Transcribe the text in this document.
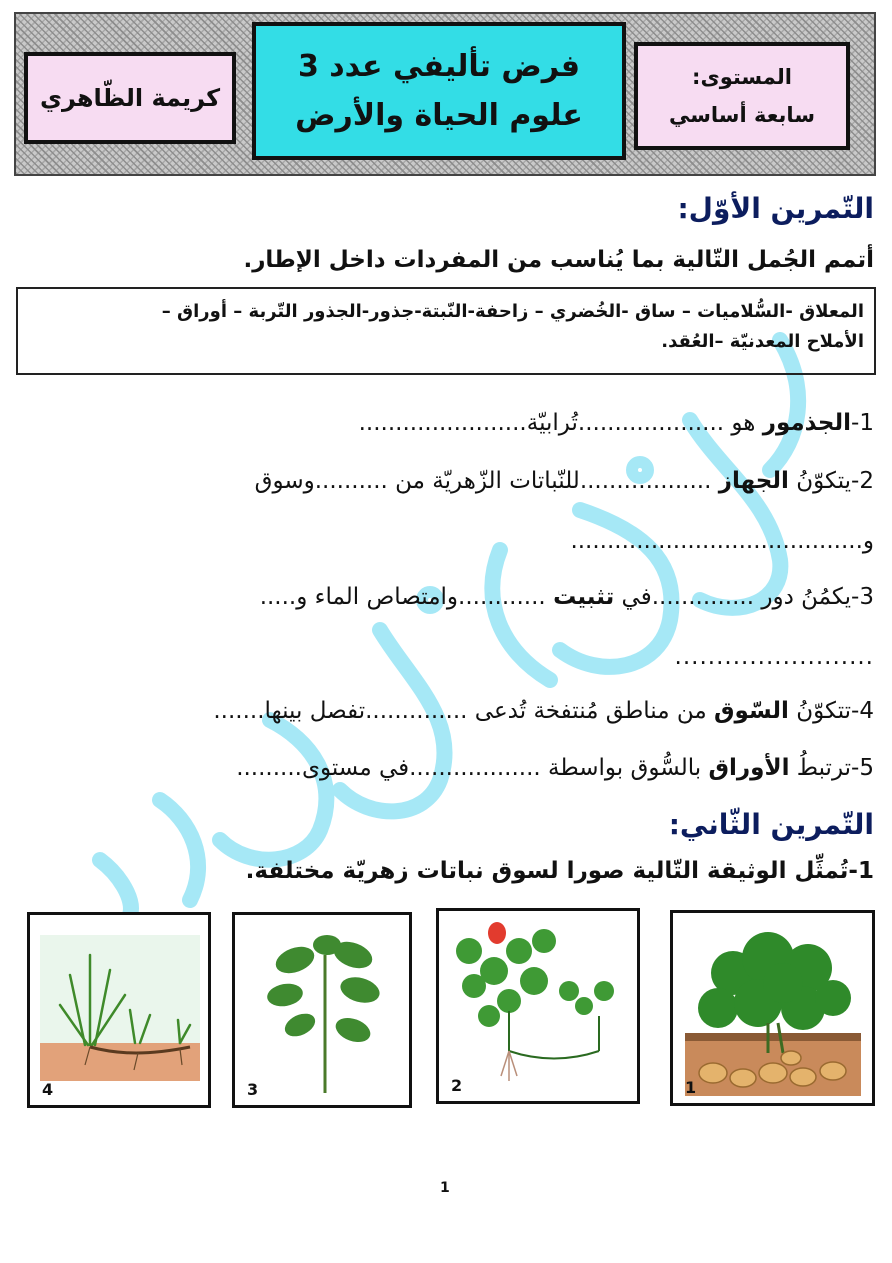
المستوى:
سابعة أساسي
فرض تأليفي عدد 3
علوم الحياة والأرض
كريمة الظّاهري
التّمرين الأوّل:
أتمم الجُمل التّالية بما يُناسب من المفردات داخل الإطار.
المعلاق -السُّلاميات – ساق -الخُضري – زاحفة-النّبتة-جذور-الجذور التّربة – أوراق –
الأملاح المعدنيّة –العُقد.
1-الجذمور هو ....................تُرابيّة.......................
2-يتكوّنُ الجهاز ..................للنّباتات الزّهريّة من ..........وسوق
و........................................
3-يكمُنُ دور ..............في تثبيت ............وامتصاص الماء و.....
........................
4-تتكوّنُ السّوق من مناطق مُنتفخة تُدعى ..............تفصل بينها.......
5-ترتبطُ الأوراق بالسُّوق بواسطة ..................في مستوى.........
التّمرين الثّاني:
1-تُمثِّل الوثيقة التّالية صورا لسوق نباتات زهريّة مختلفة.
1
2
3
4
1
